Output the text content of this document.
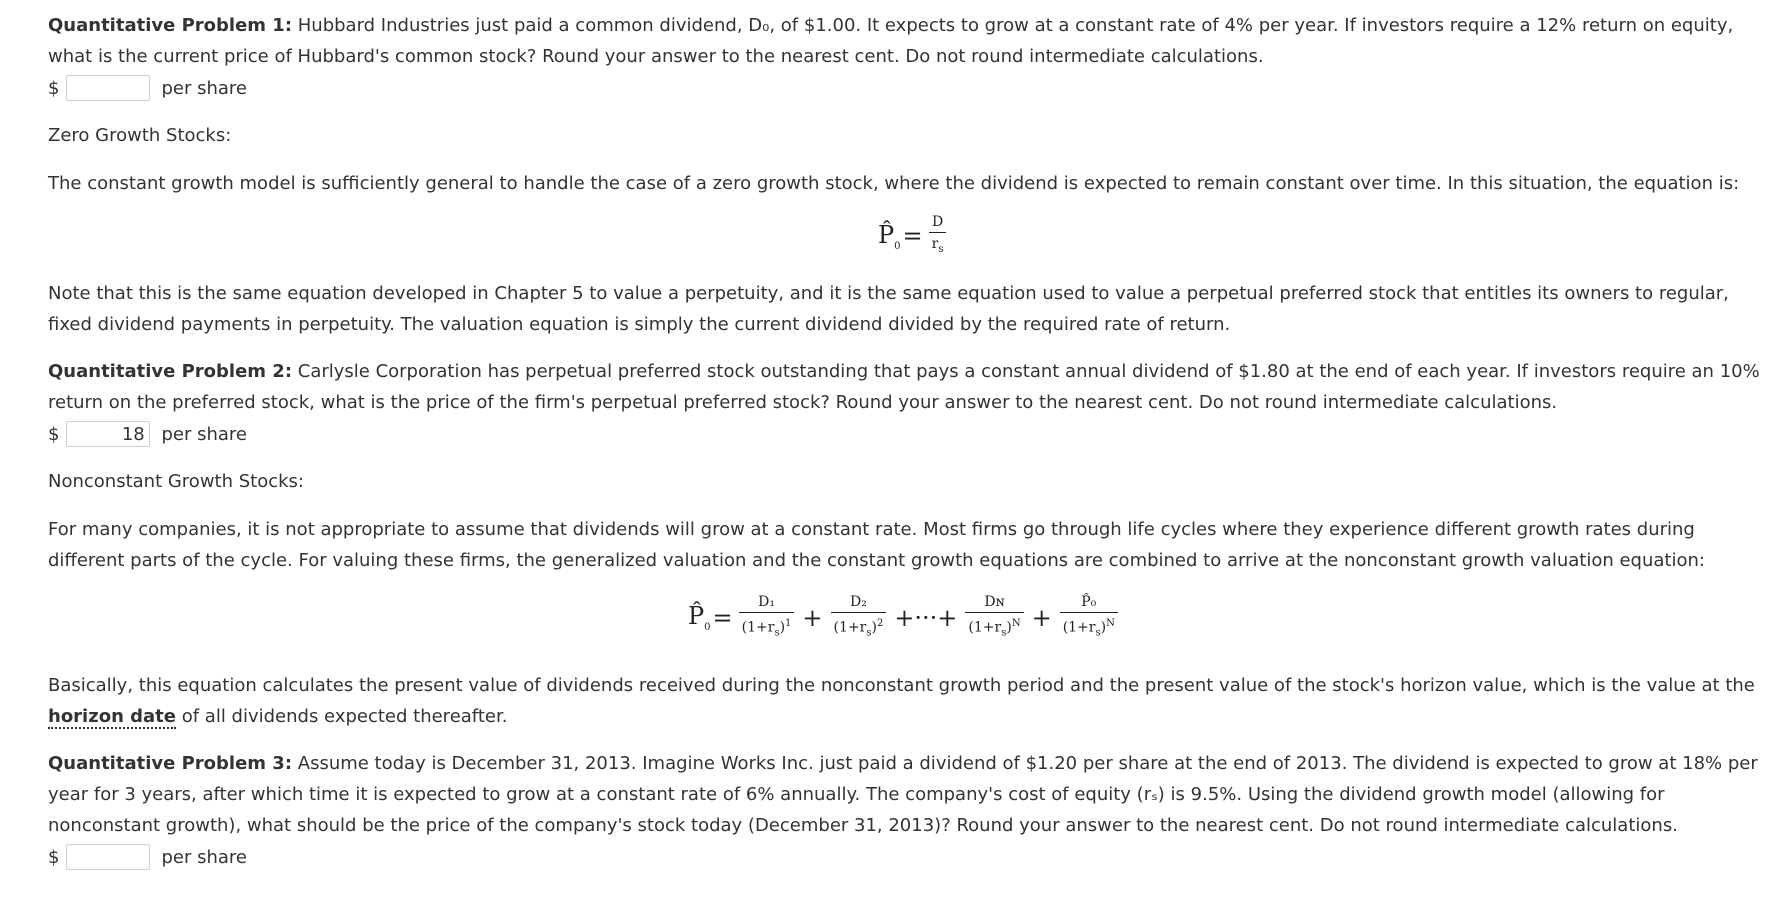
Quantitative Problem 1: Hubbard Industries just paid a common dividend, D₀, of $1.00. It expects to grow at a constant rate of 4% per year. If investors require a 12% return on equity, what is the current price of Hubbard's common stock? Round your answer to the nearest cent. Do not round intermediate calculations.

$	per share

Zero Growth Stocks:

The constant growth model is sufficiently general to handle the case of a zero growth stock, where the dividend is expected to remain constant over time. In this situation, the equation is:

$P̂_0 = \frac{D}{r_s}$

Note that this is the same equation developed in Chapter 5 to value a perpetuity, and it is the same equation used to value a perpetual preferred stock that entitles its owners to regular, fixed dividend payments in perpetuity. The valuation equation is simply the current dividend divided by the required rate of return.

Quantitative Problem 2: Carlysle Corporation has perpetual preferred stock outstanding that pays a constant annual dividend of $1.80 at the end of each year. If investors require an 10% return on the preferred stock, what is the price of the firm's perpetual preferred stock? Round your answer to the nearest cent. Do not round intermediate calculations.

$ 18	per share

Nonconstant Growth Stocks:

For many companies, it is not appropriate to assume that dividends will grow at a constant rate. Most firms go through life cycles where they experience different growth rates during different parts of the cycle. For valuing these firms, the generalized valuation and the constant growth equations are combined to arrive at the nonconstant growth valuation equation:

$P̂_0 = \frac{\text{D₁}}{(1+r_s)^1} + \frac{\text{D₂}}{(1+r_s)^2}$ +···+ $\frac{\text{Dɴ}}{(1+r_s)^N} + \frac{\text{P̂₀}}{(1+r_s)^N}$

Basically, this equation calculates the present value of dividends received during the nonconstant growth period and the present value of the stock's horizon value, which is the value at the horizon date of all dividends expected thereafter.

Quantitative Problem 3: Assume today is December 31, 2013. Imagine Works Inc. just paid a dividend of $1.20 per share at the end of 2013. The dividend is expected to grow at 18% per year for 3 years, after which time it is expected to grow at a constant rate of 6% annually. The company's cost of equity (rₛ) is 9.5%. Using the dividend growth model (allowing for nonconstant growth), what should be the price of the company's stock today (December 31, 2013)? Round your answer to the nearest cent. Do not round intermediate calculations.

$	per share
